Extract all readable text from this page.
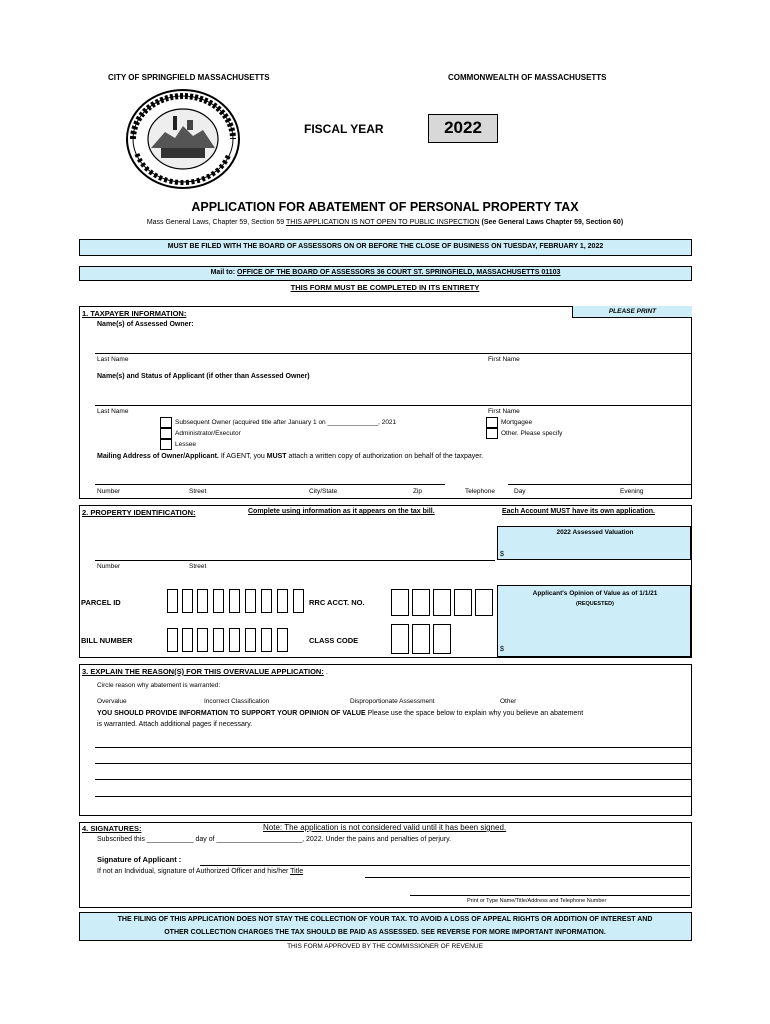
CITY OF SPRINGFIELD MASSACHUSETTS	COMMONWEALTH OF MASSACHUSETTS
FISCAL YEAR	2022
APPLICATION FOR ABATEMENT OF PERSONAL PROPERTY TAX
Mass General Laws, Chapter 59, Section 59 THIS APPLICATION IS NOT OPEN TO PUBLIC INSPECTION (See General Laws Chapter 59, Section 60)
MUST BE FILED WITH THE BOARD OF ASSESSORS ON OR BEFORE THE CLOSE OF BUSINESS ON TUESDAY, FEBRUARY 1, 2022
Mail to: OFFICE OF THE BOARD OF ASSESSORS 36 COURT ST. SPRINGFIELD, MASSACHUSETTS 01103
THIS FORM MUST BE COMPLETED IN ITS ENTIRETY
1. TAXPAYER INFORMATION:	PLEASE PRINT
Name(s) of Assessed Owner:
Last Name	First Name
Name(s) and Status of Applicant (if other than Assessed Owner)
Last Name	First Name
Subsequent Owner (acquired title after January 1 on ______________, 2021
Administrator/Executor
Lessee
Mortgagee
Other. Please specify
Mailing Address of Owner/Applicant. If AGENT, you MUST attach a written copy of authorization on behalf of the taxpayer.
Number	Street	City/State	Zip	Telephone	Day	Evening
2. PROPERTY IDENTIFICATION:	Complete using information as it appears on the tax bill.	Each Account MUST have its own application.
2022 Assessed Valuation
$
Number	Street
PARCEL ID	RRC ACCT. NO.
Applicant's Opinion of Value as of 1/1/21
(REQUESTED)
$
BILL NUMBER	CLASS CODE
3. EXPLAIN THE REASON(S) FOR THIS OVERVALUE APPLICATION: .
Circle reason why abatement is warranted:
Overvalue	Incorrect Classification	Disproportionate Assessment	Other
YOU SHOULD PROVIDE INFORMATION TO SUPPORT YOUR OPINION OF VALUE Please use the space below to explain why you believe an abatement
is warranted. Attach additional pages if necessary.
4. SIGNATURES:	Note: The application is not considered valid until it has been signed.
Subscribed this ____________ day of ______________________, 2022. Under the pains and penalties of perjury.
Signature of Applicant :
If not an Individual, signature of Authorized Officer and his/her Title
Print or Type Name/Title/Address and Telephone Number
THE FILING OF THIS APPLICATION DOES NOT STAY THE COLLECTION OF YOUR TAX. TO AVOID A LOSS OF APPEAL RIGHTS OR ADDITION OF INTEREST AND
OTHER COLLECTION CHARGES THE TAX SHOULD BE PAID AS ASSESSED. SEE REVERSE FOR MORE IMPORTANT INFORMATION.
THIS FORM APPROVED BY THE COMMISSIONER OF REVENUE
